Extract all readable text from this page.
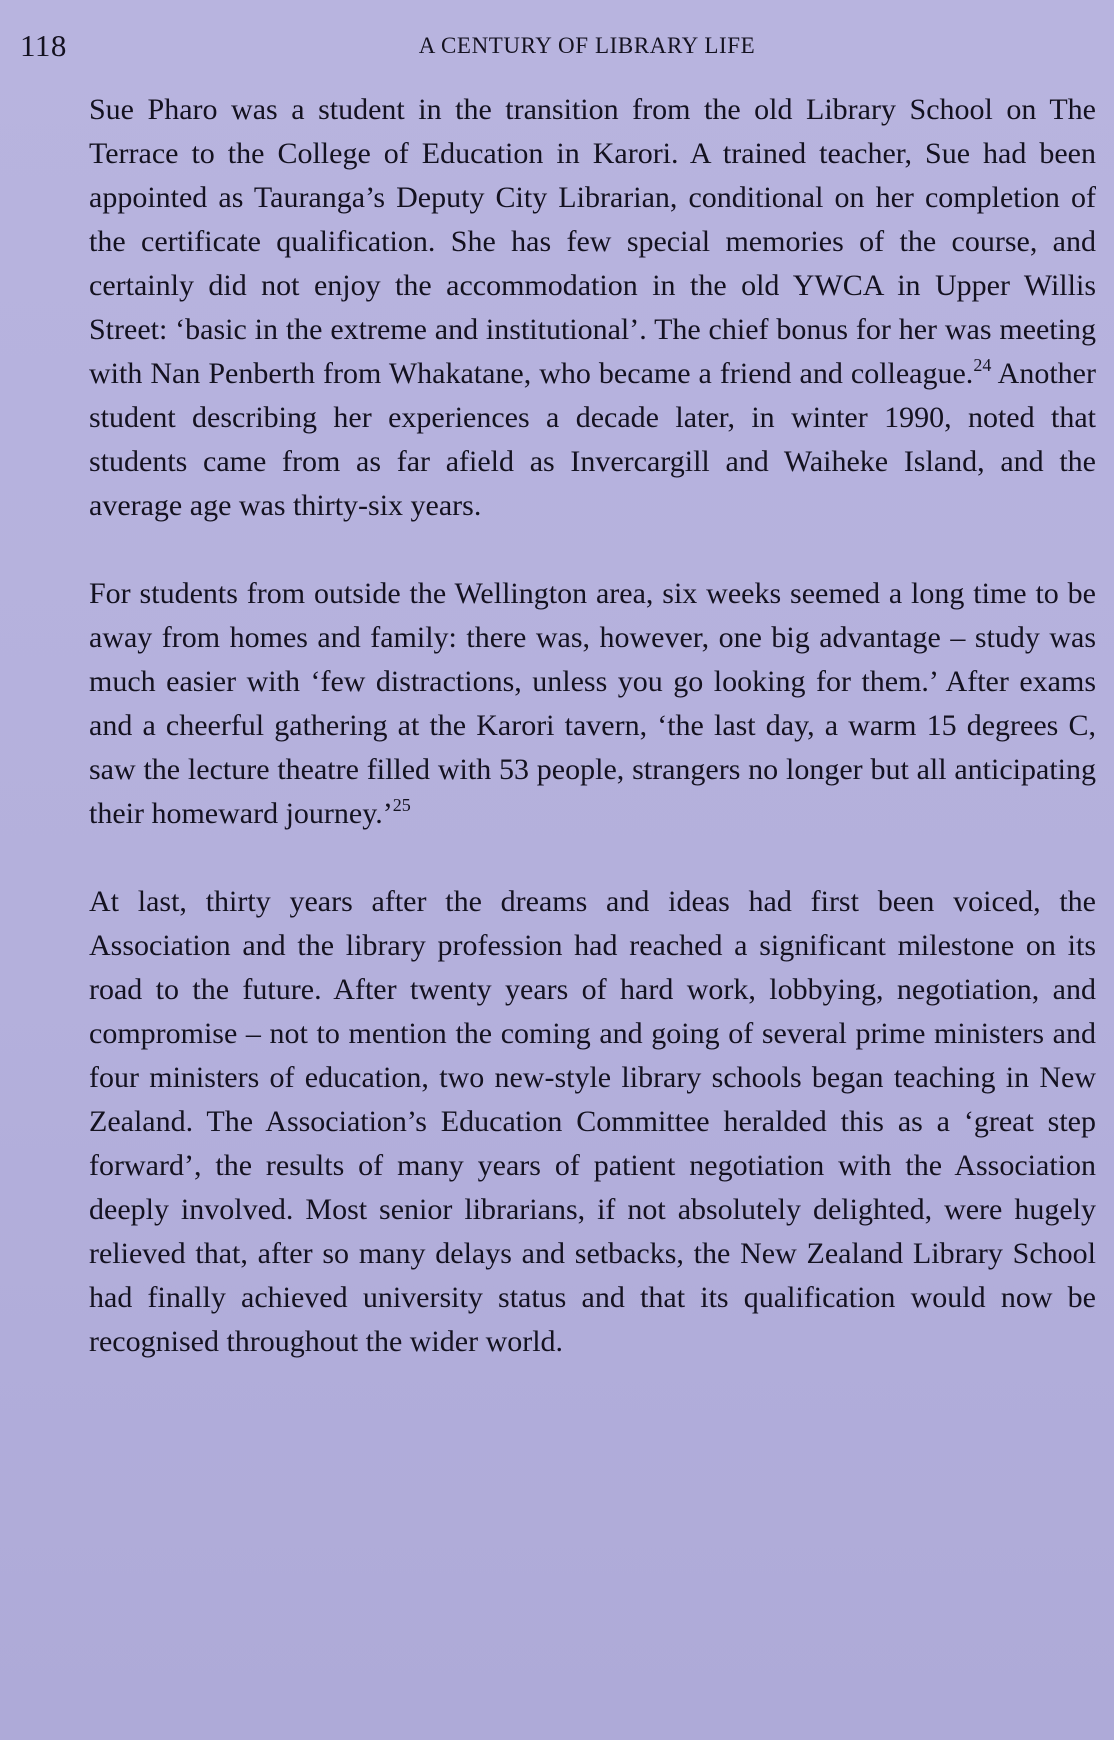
118	A CENTURY OF LIBRARY LIFE

Sue Pharo was a student in the transition from the old Library School on The Terrace to the College of Education in Karori. A trained teacher, Sue had been appointed as Tauranga’s Deputy City Librarian, conditional on her completion of the certificate qualification. She has few special memories of the course, and certainly did not enjoy the accommodation in the old YWCA in Upper Willis Street: ‘basic in the extreme and institutional’. The chief bonus for her was meeting with Nan Penberth from Whakatane, who became a friend and colleague.$^{24}$ Another student describing her experiences a decade later, in winter 1990, noted that students came from as far afield as Invercargill and Waiheke Island, and the average age was thirty-six years.

For students from outside the Wellington area, six weeks seemed a long time to be away from homes and family: there was, however, one big advantage – study was much easier with ‘few distractions, unless you go looking for them.’ After exams and a cheerful gathering at the Karori tavern, ‘the last day, a warm 15 degrees C, saw the lecture theatre filled with 53 people, strangers no longer but all anticipating their homeward journey.’$^{25}$

At last, thirty years after the dreams and ideas had first been voiced, the Association and the library profession had reached a significant milestone on its road to the future. After twenty years of hard work, lobbying, negotiation, and compromise – not to mention the coming and going of several prime ministers and four ministers of education, two new-style library schools began teaching in New Zealand. The Association’s Education Committee heralded this as a ‘great step forward’, the results of many years of patient negotiation with the Association deeply involved. Most senior librarians, if not absolutely delighted, were hugely relieved that, after so many delays and setbacks, the New Zealand Library School had finally achieved university status and that its qualification would now be recognised throughout the wider world.
